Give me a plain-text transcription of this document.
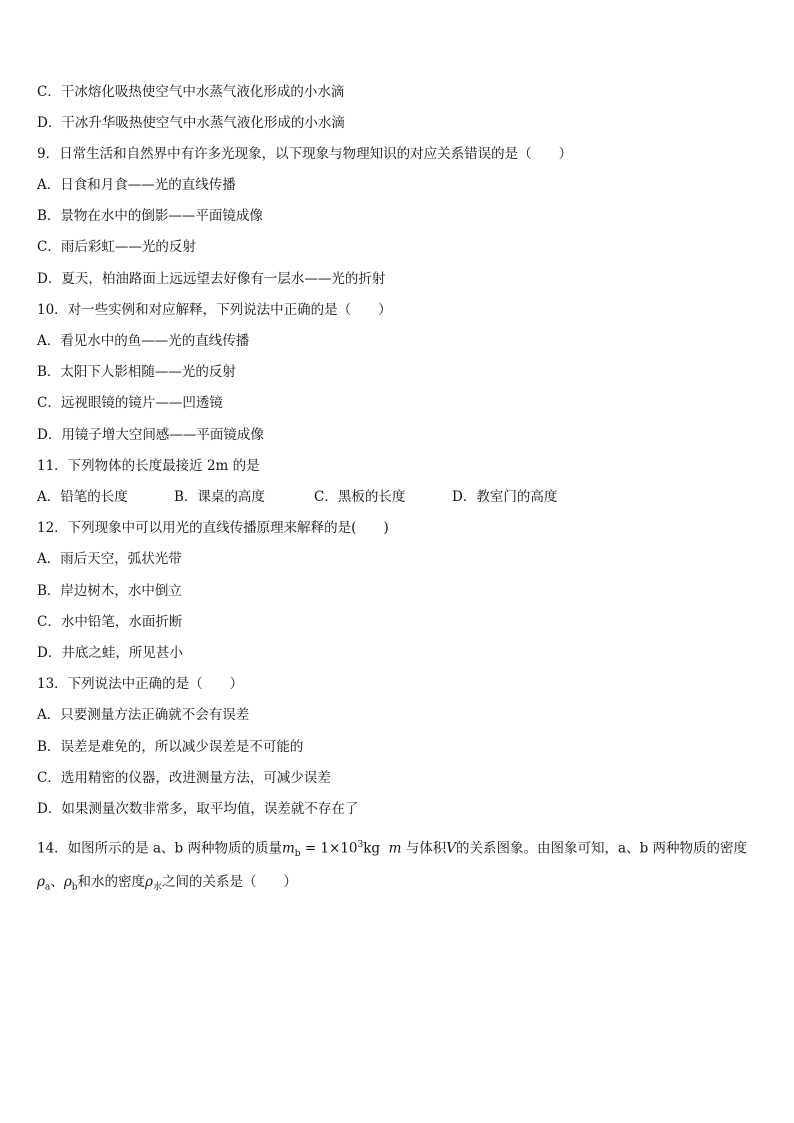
C．干冰熔化吸热使空气中水蒸气液化形成的小水滴
D．干冰升华吸热使空气中水蒸气液化形成的小水滴
9．日常生活和自然界中有许多光现象，以下现象与物理知识的对应关系错误的是（　　）
A．日食和月食——光的直线传播
B．景物在水中的倒影——平面镜成像
C．雨后彩虹——光的反射
D．夏天，柏油路面上远远望去好像有一层水——光的折射
10．对一些实例和对应解释，下列说法中正确的是（　　）
A．看见水中的鱼——光的直线传播
B．太阳下人影相随——光的反射
C．远视眼镜的镜片——凹透镜
D．用镜子增大空间感——平面镜成像
11．下列物体的长度最接近 2m 的是
A．铅笔的长度	B．课桌的高度	C．黑板的长度	D．教室门的高度
12．下列现象中可以用光的直线传播原理来解释的是(　　)
A．雨后天空，弧状光带
B．岸边树木，水中倒立
C．水中铅笔，水面折断
D．井底之蛙，所见甚小
13．下列说法中正确的是（　　）
A．只要测量方法正确就不会有误差
B．误差是难免的，所以减少误差是不可能的
C．选用精密的仪器，改进测量方法，可减少误差
D．如果测量次数非常多，取平均值，误差就不存在了
14．如图所示的是 a、b 两种物质的质量$m_b = 1\times 10^3kg$ m 与体积V的关系图象。由图象可知，a、b 两种物质的密度
$\rho_a$、$\rho_b$和水的密度$\rho_水$之间的关系是（　　）
